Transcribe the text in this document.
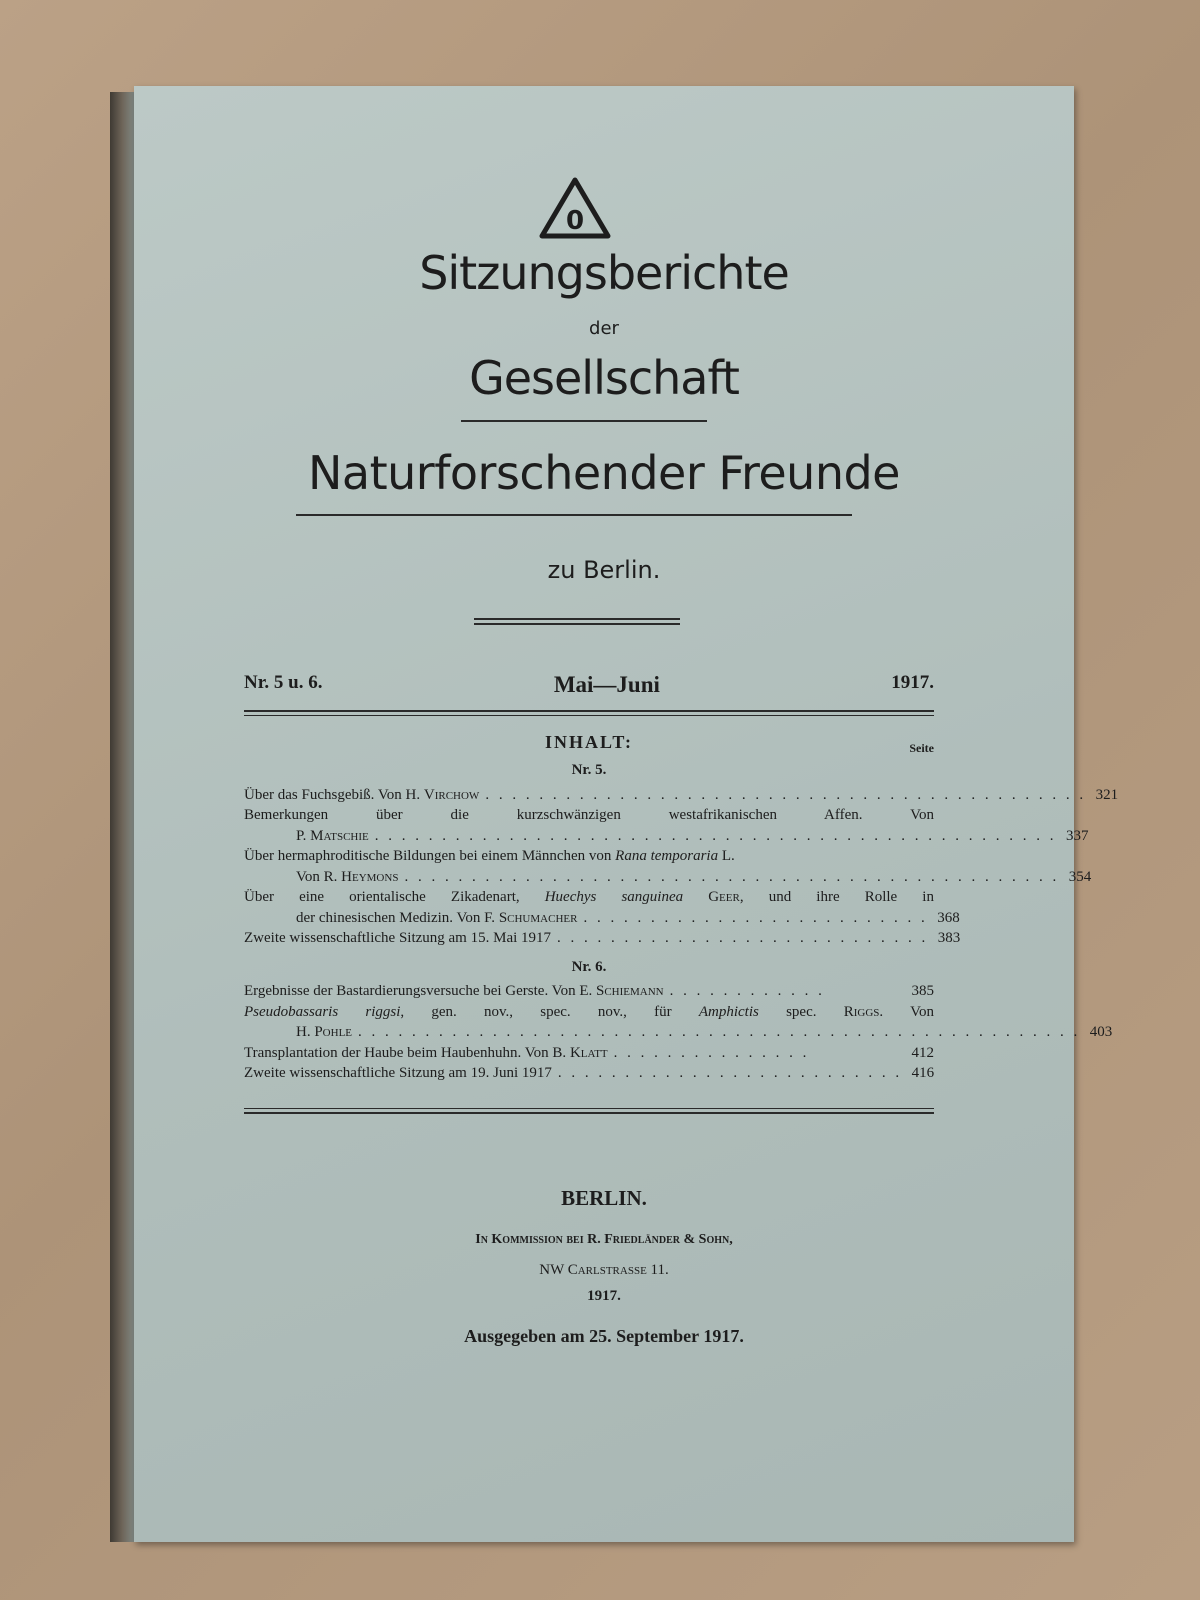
0
Sitzungsberichte
der
Gesellschaft
Naturforschender Freunde
zu Berlin.
Nr. 5 u. 6.	Mai—Juni	1917.
INHALT:	Seite
Nr. 5.
Über das Fuchsgebiß. Von H. Virchow . . . . . . . . . . . . . . . . . . . . . . . . . . . . . . . . . . . . . . . . . . . . . 321
Bemerkungen über die kurzschwänzigen westafrikanischen Affen. Von
P. Matschie . . . . . . . . . . . . . . . . . . . . . . . . . . . . . . . . . . . . . . . . . . . . . . . . . . . 337
Über hermaphroditische Bildungen bei einem Männchen von Rana temporaria L.
Von R. Heymons . . . . . . . . . . . . . . . . . . . . . . . . . . . . . . . . . . . . . . . . . . . . . . . . . 354
Über eine orientalische Zikadenart, Huechys sanguinea Geer, und ihre Rolle in
der chinesischen Medizin. Von F. Schumacher . . . . . . . . . . . . . . . . . . . . . . . . . . 368
Zweite wissenschaftliche Sitzung am 15. Mai 1917 . . . . . . . . . . . . . . . . . . . . . . . . . . . . 383
Nr. 6.
Ergebnisse der Bastardierungsversuche bei Gerste. Von E. Schiemann . . . . . . . . . . . .	385
Pseudobassaris riggsi, gen. nov., spec. nov., für Amphictis spec. Riggs. Von
H. Pohle . . . . . . . . . . . . . . . . . . . . . . . . . . . . . . . . . . . . . . . . . . . . . . . . . . . . . . 403
Transplantation der Haube beim Haubenhuhn. Von B. Klatt . . . . . . . . . . . . . . .	412
Zweite wissenschaftliche Sitzung am 19. Juni 1917 . . . . . . . . . . . . . . . . . . . . . . . . . . 416
BERLIN.
In Kommission bei R. Friedländer & Sohn,
NW Carlstrasse 11.
1917.
Ausgegeben am 25. September 1917.
